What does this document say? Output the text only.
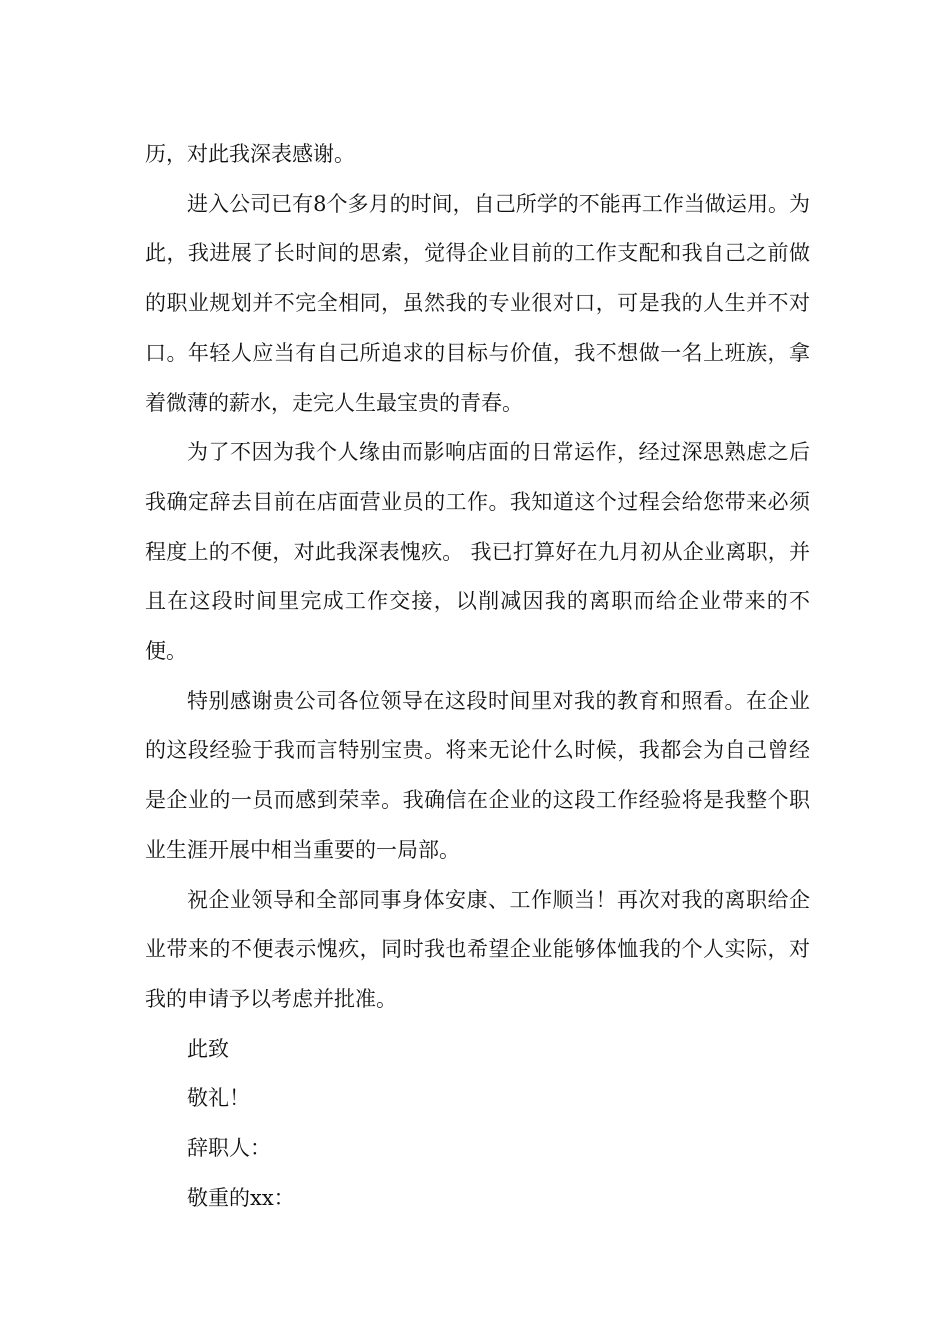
历，对此我深表感谢。

进入公司已有8个多月的时间，自己所学的不能再工作当做运用。为此，我进展了长时间的思索，觉得企业目前的工作支配和我自己之前做的职业规划并不完全相同，虽然我的专业很对口，可是我的人生并不对口。年轻人应当有自己所追求的目标与价值，我不想做一名上班族，拿着微薄的薪水，走完人生最宝贵的青春。

为了不因为我个人缘由而影响店面的日常运作，经过深思熟虑之后我确定辞去目前在店面营业员的工作。我知道这个过程会给您带来必须程度上的不便，对此我深表愧疚。 我已打算好在九月初从企业离职，并且在这段时间里完成工作交接，以削减因我的离职而给企业带来的不便。

特别感谢贵公司各位领导在这段时间里对我的教育和照看。在企业的这段经验于我而言特别宝贵。将来无论什么时候，我都会为自己曾经是企业的一员而感到荣幸。我确信在企业的这段工作经验将是我整个职业生涯开展中相当重要的一局部。

祝企业领导和全部同事身体安康、工作顺当！再次对我的离职给企业带来的不便表示愧疚，同时我也希望企业能够体恤我的个人实际，对我的申请予以考虑并批准。

此致

敬礼！

辞职人：

敬重的xx：
